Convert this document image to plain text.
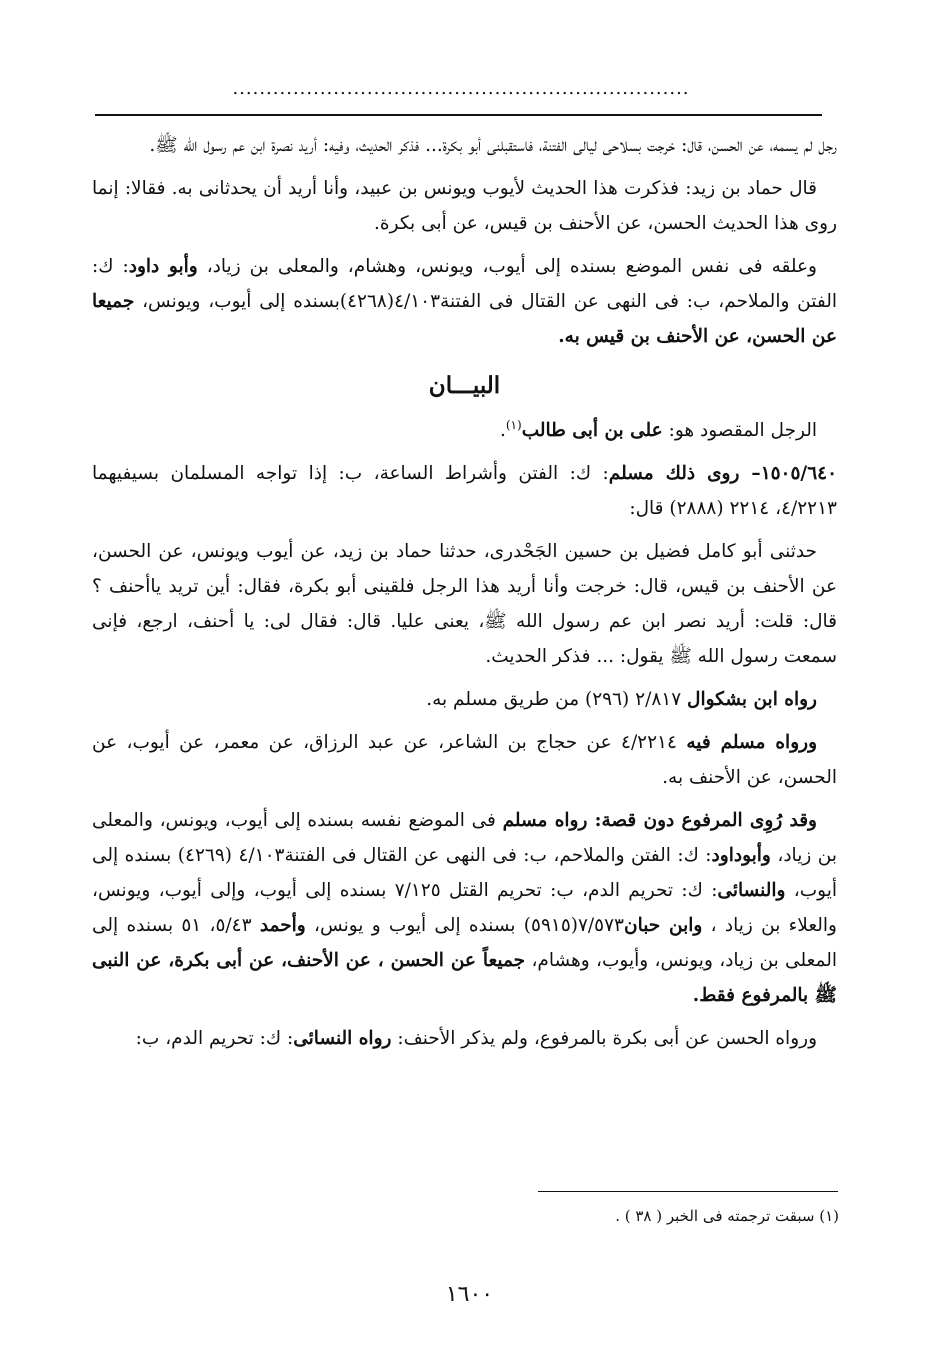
....................................................................

رجل لم يسمه، عن الحسن، قال: خرجت بسلاحى ليالى الفتنة، فاستقبلنى أبو بكرة... فذكر الحديث، وفيه: أريد نصرة ابن عم رسول الله ﷺ.

قال حماد بن زيد: فذكرت هذا الحديث لأيوب ويونس بن عبيد، وأنا أريد أن يحدثانى به. فقالا: إنما روى هذا الحديث الحسن، عن الأحنف بن قيس، عن أبى بكرة.

وعلقه فى نفس الموضع بسنده إلى أيوب، ويونس، وهشام، والمعلى بن زياد، وأبو داود: ك: الفتن والملاحم، ب: فى النهى عن القتال فى الفتنة٤/١٠٣(٤٢٦٨)بسنده إلى أيوب، ويونس، جميعا عن الحسن، عن الأحنف بن قيس به.

البيـــان

الرجل المقصود هو: على بن أبى طالب$^{(١)}$.

١٥٠٥/٦٤٠– روى ذلك مسلم: ك: الفتن وأشراط الساعة، ب: إذا تواجه المسلمان بسيفيهما ٤/٢٢١٣، ٢٢١٤ (٢٨٨٨) قال:

حدثنى أبو كامل فضيل بن حسين الجَحْدرى، حدثنا حماد بن زيد، عن أيوب ويونس، عن الحسن، عن الأحنف بن قيس، قال: خرجت وأنا أريد هذا الرجل فلقينى أبو بكرة، فقال: أين تريد ياأحنف ؟ قال: قلت: أريد نصر ابن عم رسول الله ﷺ، يعنى عليا. قال: فقال لى: يا أحنف، ارجع، فإنى سمعت رسول الله ﷺ يقول: ... فذكر الحديث.

رواه ابن بشكوال ٢/٨١٧ (٢٩٦) من طريق مسلم به.

ورواه مسلم فيه ٤/٢٢١٤ عن حجاج بن الشاعر، عن عبد الرزاق، عن معمر، عن أيوب، عن الحسن، عن الأحنف به.

وقد رُوِى المرفوع دون قصة: رواه مسلم فى الموضع نفسه بسنده إلى أيوب، ويونس، والمعلى بن زياد، وأبوداود: ك: الفتن والملاحم، ب: فى النهى عن القتال فى الفتنة٤/١٠٣ (٤٢٦٩) بسنده إلى أيوب، والنسائى: ك: تحريم الدم، ب: تحريم القتل ٧/١٢٥ بسنده إلى أيوب، وإلى أيوب، ويونس، والعلاء بن زياد ، وابن حبان٧/٥٧٣(٥٩١٥) بسنده إلى أيوب و يونس، وأحمد ٥/٤٣، ٥١ بسنده إلى المعلى بن زياد، ويونس، وأيوب، وهشام، جميعاً عن الحسن ، عن الأحنف، عن أبى بكرة، عن النبى ﷺ بالمرفوع فقط.

ورواه الحسن عن أبى بكرة بالمرفوع، ولم يذكر الأحنف: رواه النسائى: ك: تحريم الدم، ب:

(١) سبقت ترجمته فى الخبر ( ٣٨ ) .
١٦٠٠
